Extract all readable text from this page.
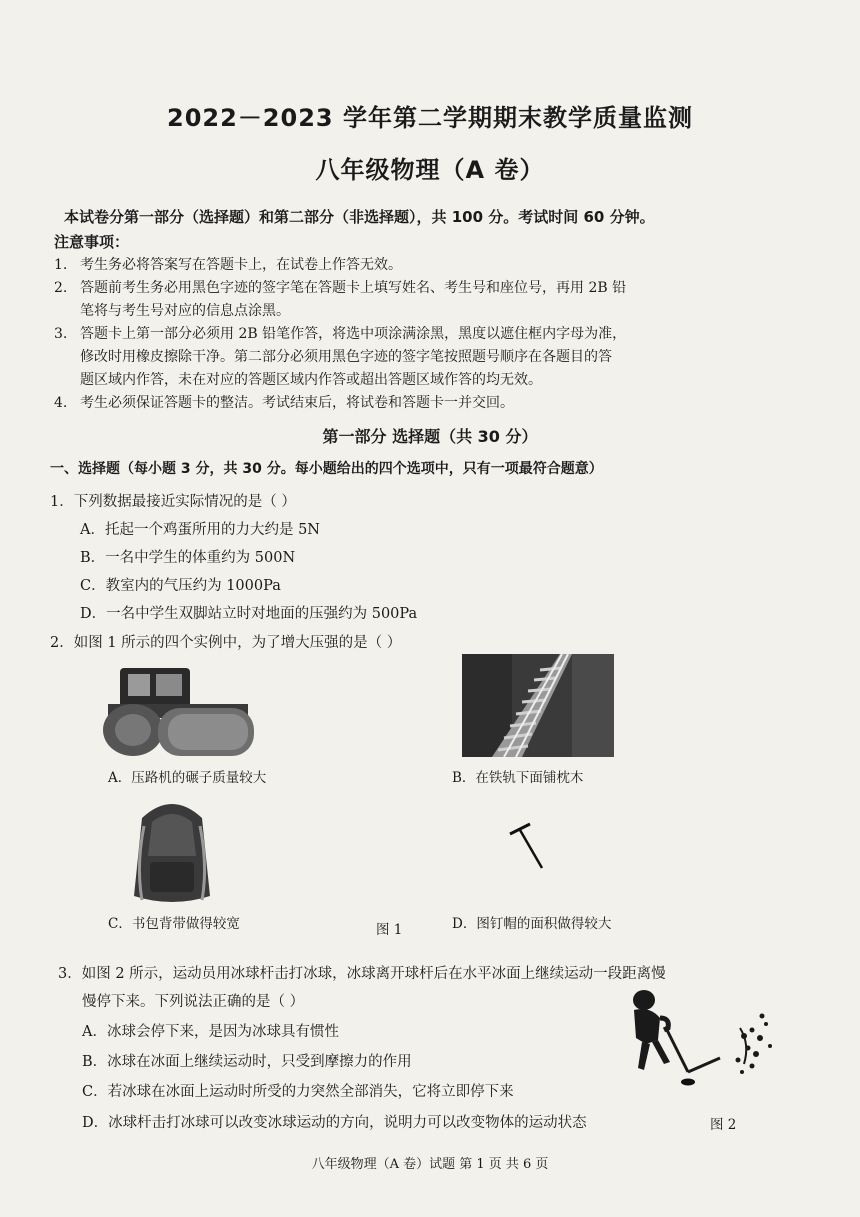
2022－2023 学年第二学期期末教学质量监测
八年级物理（A 卷）
本试卷分第一部分（选择题）和第二部分（非选择题），共 100 分。考试时间 60 分钟。
注意事项：
1. 考生务必将答案写在答题卡上，在试卷上作答无效。
2. 答题前考生务必用黑色字迹的签字笔在答题卡上填写姓名、考生号和座位号，再用 2B 铅
笔将与考生号对应的信息点涂黑。
3. 答题卡上第一部分必须用 2B 铅笔作答，将选中项涂满涂黑，黑度以遮住框内字母为准，
修改时用橡皮擦除干净。第二部分必须用黑色字迹的签字笔按照题号顺序在各题目的答
题区域内作答，未在对应的答题区域内作答或超出答题区域作答的均无效。
4. 考生必须保证答题卡的整洁。考试结束后，将试卷和答题卡一并交回。
第一部分 选择题（共 30 分）
一、选择题（每小题 3 分，共 30 分。每小题给出的四个选项中，只有一项最符合题意）
1．下列数据最接近实际情况的是（ ）
A．托起一个鸡蛋所用的力大约是 5N
B．一名中学生的体重约为 500N
C．教室内的气压约为 1000Pa
D．一名中学生双脚站立时对地面的压强约为 500Pa
2．如图 1 所示的四个实例中，为了增大压强的是（ ）
A．压路机的碾子质量较大	B．在铁轨下面铺枕木
C．书包背带做得较宽	图 1	D．图钉帽的面积做得较大
3．如图 2 所示，运动员用冰球杆击打冰球，冰球离开球杆后在水平冰面上继续运动一段距离慢
慢停下来。下列说法正确的是（ ）
A．冰球会停下来，是因为冰球具有惯性
B．冰球在冰面上继续运动时，只受到摩擦力的作用
C．若冰球在冰面上运动时所受的力突然全部消失，它将立即停下来
D．冰球杆击打冰球可以改变冰球运动的方向，说明力可以改变物体的运动状态	图 2
八年级物理（A 卷）试题 第 1 页 共 6 页
